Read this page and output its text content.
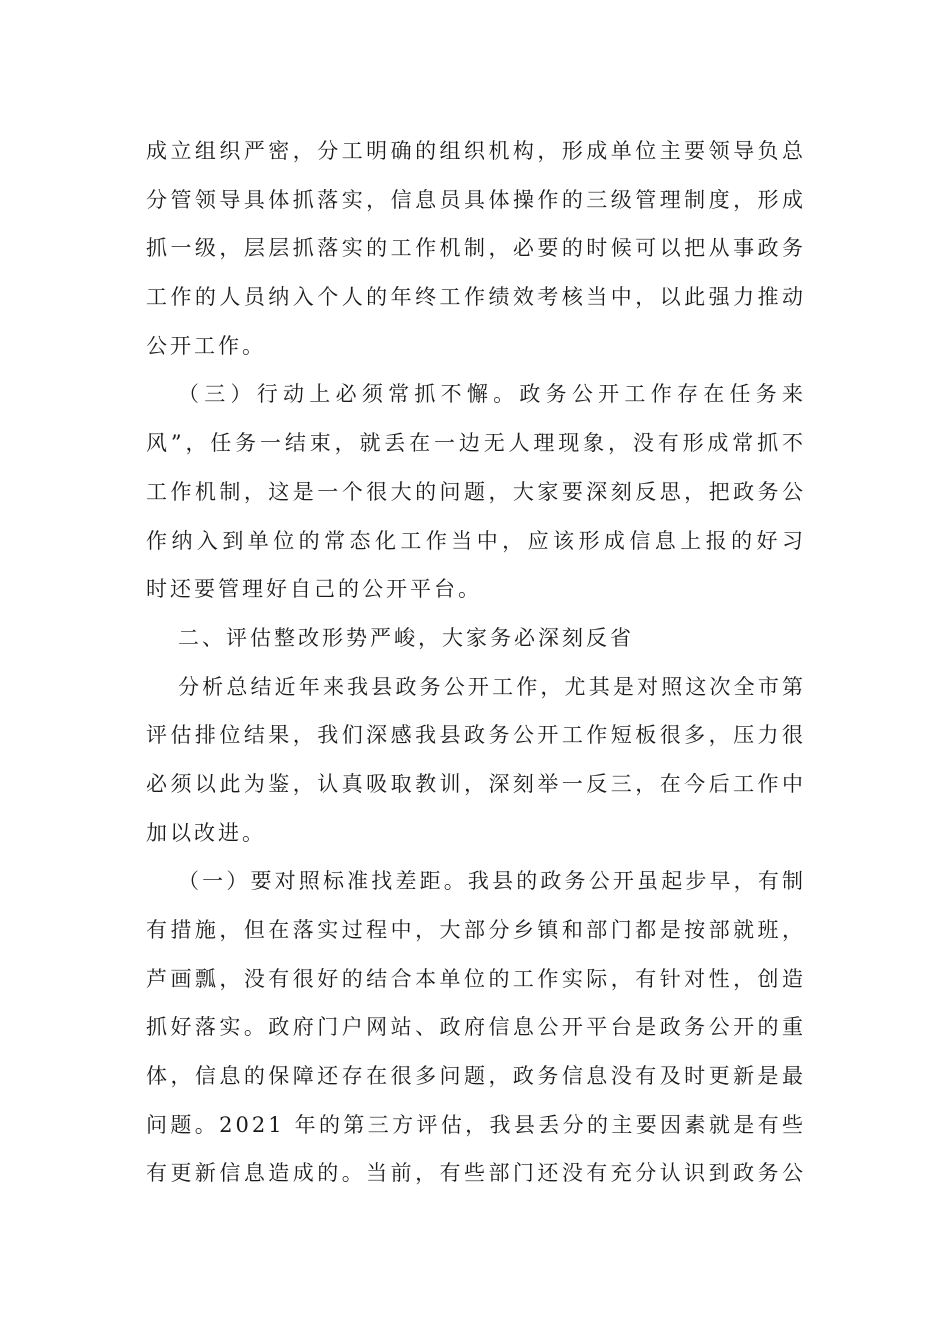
成立组织严密，分工明确的组织机构，形成单位主要领导负总
分管领导具体抓落实，信息员具体操作的三级管理制度，形成
抓一级，层层抓落实的工作机制，必要的时候可以把从事政务
工作的人员纳入个人的年终工作绩效考核当中，以此强力推动
公开工作。
（三）行动上必须常抓不懈。政务公开工作存在任务来
风”，任务一结束，就丢在一边无人理现象，没有形成常抓不
工作机制，这是一个很大的问题，大家要深刻反思，把政务公
作纳入到单位的常态化工作当中，应该形成信息上报的好习
时还要管理好自己的公开平台。
二、评估整改形势严峻，大家务必深刻反省
分析总结近年来我县政务公开工作，尤其是对照这次全市第
评估排位结果，我们深感我县政务公开工作短板很多，压力很
必须以此为鉴，认真吸取教训，深刻举一反三，在今后工作中
加以改进。
（一）要对照标准找差距。我县的政务公开虽起步早，有制
有措施，但在落实过程中，大部分乡镇和部门都是按部就班，
芦画瓢，没有很好的结合本单位的工作实际，有针对性，创造
抓好落实。政府门户网站、政府信息公开平台是政务公开的重
体，信息的保障还存在很多问题，政务信息没有及时更新是最
问题。2021 年的第三方评估，我县丢分的主要因素就是有些
有更新信息造成的。当前，有些部门还没有充分认识到政务公
